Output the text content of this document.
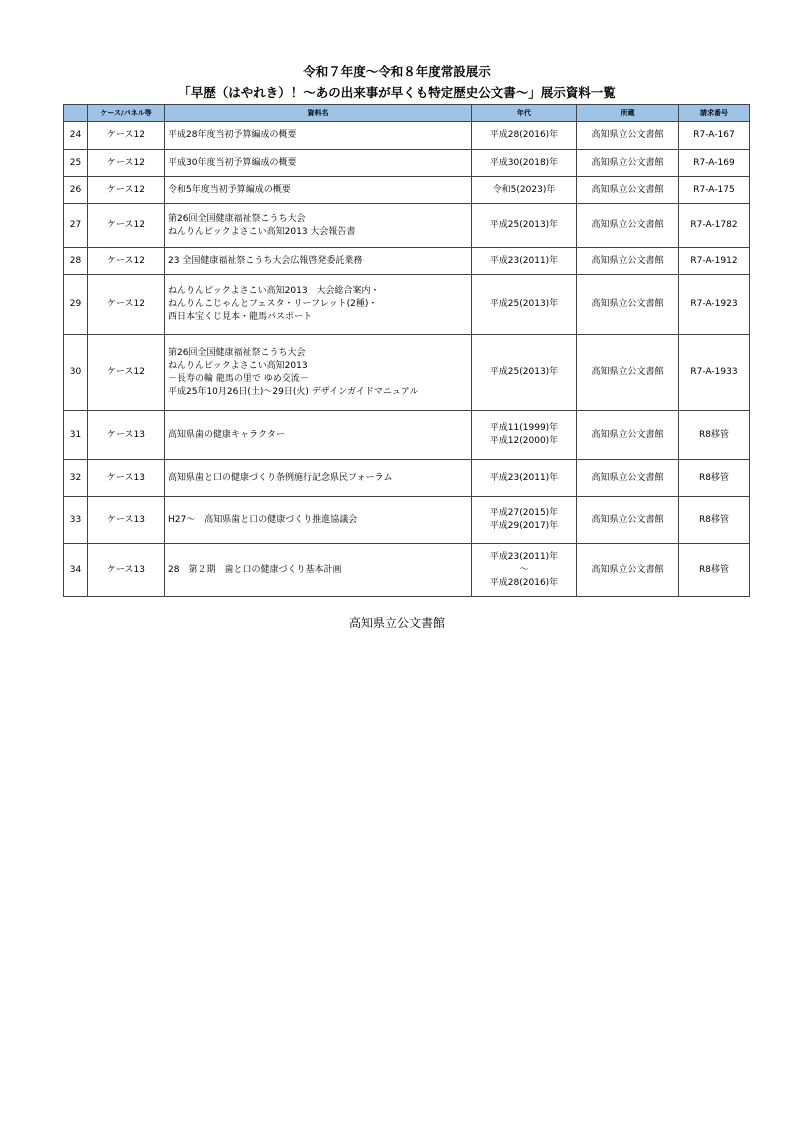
令和７年度～令和８年度常設展示
「早歴（はやれき）！～あの出来事が早くも特定歴史公文書～」展示資料一覧
	ケース/パネル等	資料名	年代	所蔵	請求番号
24	ケース12	平成28年度当初予算編成の概要	平成28(2016)年	高知県立公文書館	R7-A-167
25	ケース12	平成30年度当初予算編成の概要	平成30(2018)年	高知県立公文書館	R7-A-169
26	ケース12	令和5年度当初予算編成の概要	令和5(2023)年	高知県立公文書館	R7-A-175
27	ケース12	第26回全国健康福祉祭こうち大会
ねんりんピックよさこい高知2013 大会報告書	平成25(2013)年	高知県立公文書館	R7-A-1782
28	ケース12	23 全国健康福祉祭こうち大会広報啓発委託業務	平成23(2011)年	高知県立公文書館	R7-A-1912
29	ケース12	ねんりんピックよさこい高知2013　大会総合案内・
ねんりんこじゃんとフェスタ・リーフレット(2種)・
西日本宝くじ見本・龍馬パスポート	平成25(2013)年	高知県立公文書館	R7-A-1923
30	ケース12	第26回全国健康福祉祭こうち大会
ねんりんピックよさこい高知2013
－長寿の輪 龍馬の里で ゆめ交流－
平成25年10月26日(土)～29日(火) デザインガイドマニュアル	平成25(2013)年	高知県立公文書館	R7-A-1933
31	ケース13	高知県歯の健康キャラクター	平成11(1999)年
平成12(2000)年	高知県立公文書館	R8移管
32	ケース13	高知県歯と口の健康づくり条例施行記念県民フォーラム	平成23(2011)年	高知県立公文書館	R8移管
33	ケース13	H27～　高知県歯と口の健康づくり推進協議会	平成27(2015)年
平成29(2017)年	高知県立公文書館	R8移管
34	ケース13	28　第２期　歯と口の健康づくり基本計画	平成23(2011)年
～
平成28(2016)年	高知県立公文書館	R8移管
高知県立公文書館
